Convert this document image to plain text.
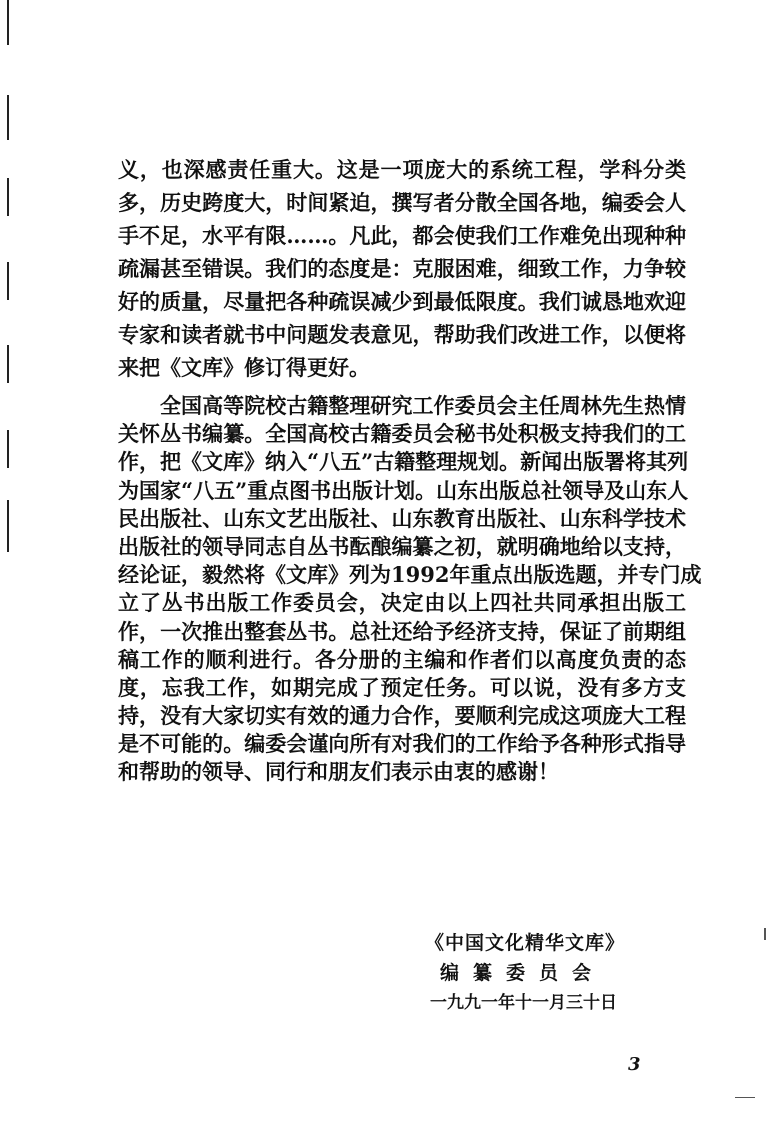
义，也深感责任重大。这是一项庞大的系统工程，学科分类
多，历史跨度大，时间紧迫，撰写者分散全国各地，编委会人
手不足，水平有限……。凡此，都会使我们工作难免出现种种
疏漏甚至错误。我们的态度是：克服困难，细致工作，力争较
好的质量，尽量把各种疏误减少到最低限度。我们诚恳地欢迎
专家和读者就书中问题发表意见，帮助我们改进工作，以便将
来把《文库》修订得更好。
全国高等院校古籍整理研究工作委员会主任周林先生热情
关怀丛书编纂。全国高校古籍委员会秘书处积极支持我们的工
作，把《文库》纳入“八五”古籍整理规划。新闻出版署将其列
为国家“八五”重点图书出版计划。山东出版总社领导及山东人
民出版社、山东文艺出版社、山东教育出版社、山东科学技术
出版社的领导同志自丛书酝酿编纂之初，就明确地给以支持，
经论证，毅然将《文库》列为1992年重点出版选题，并专门成
立了丛书出版工作委员会，决定由以上四社共同承担出版工
作，一次推出整套丛书。总社还给予经济支持，保证了前期组
稿工作的顺利进行。各分册的主编和作者们以高度负责的态
度，忘我工作，如期完成了预定任务。可以说，没有多方支
持，没有大家切实有效的通力合作，要顺利完成这项庞大工程
是不可能的。编委会谨向所有对我们的工作给予各种形式指导
和帮助的领导、同行和朋友们表示由衷的感谢！
《中国文化精华文库》
编纂委员会
一九九一年十一月三十日
3
